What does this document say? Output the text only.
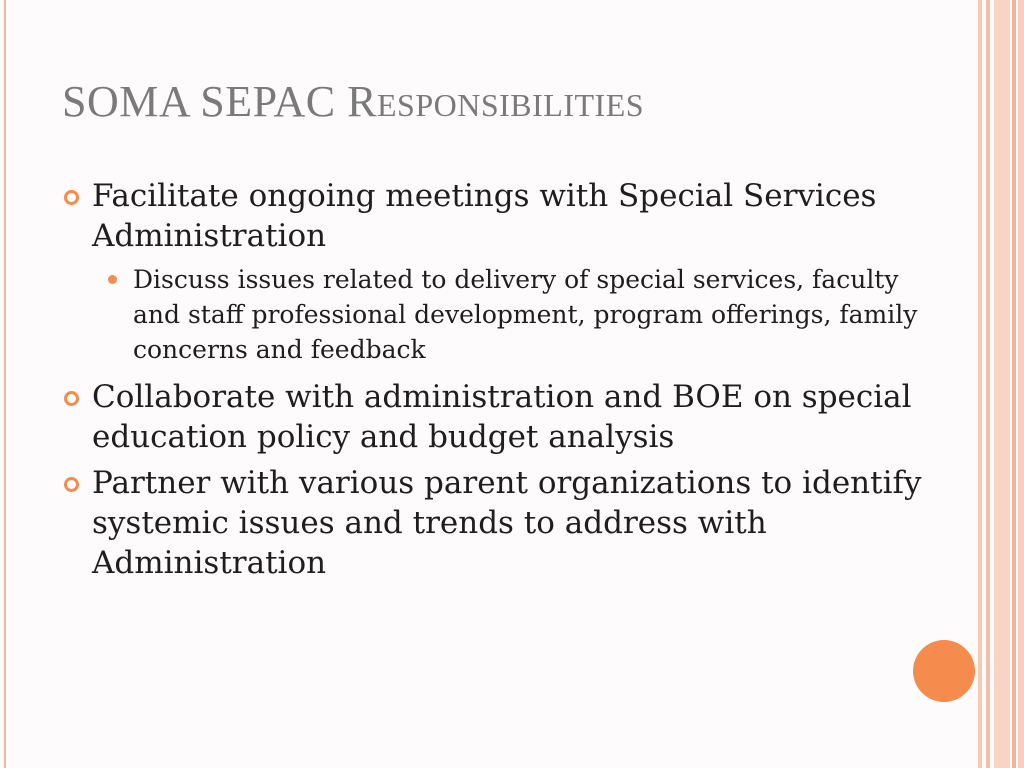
SOMA SEPAC RESPONSIBILITIES
Facilitate ongoing meetings with Special Services Administration
Discuss issues related to delivery of special services, faculty and staff professional development, program offerings, family concerns and feedback
Collaborate with administration and BOE on special education policy and budget analysis
Partner with various parent organizations to identify systemic issues and trends to address with Administration
